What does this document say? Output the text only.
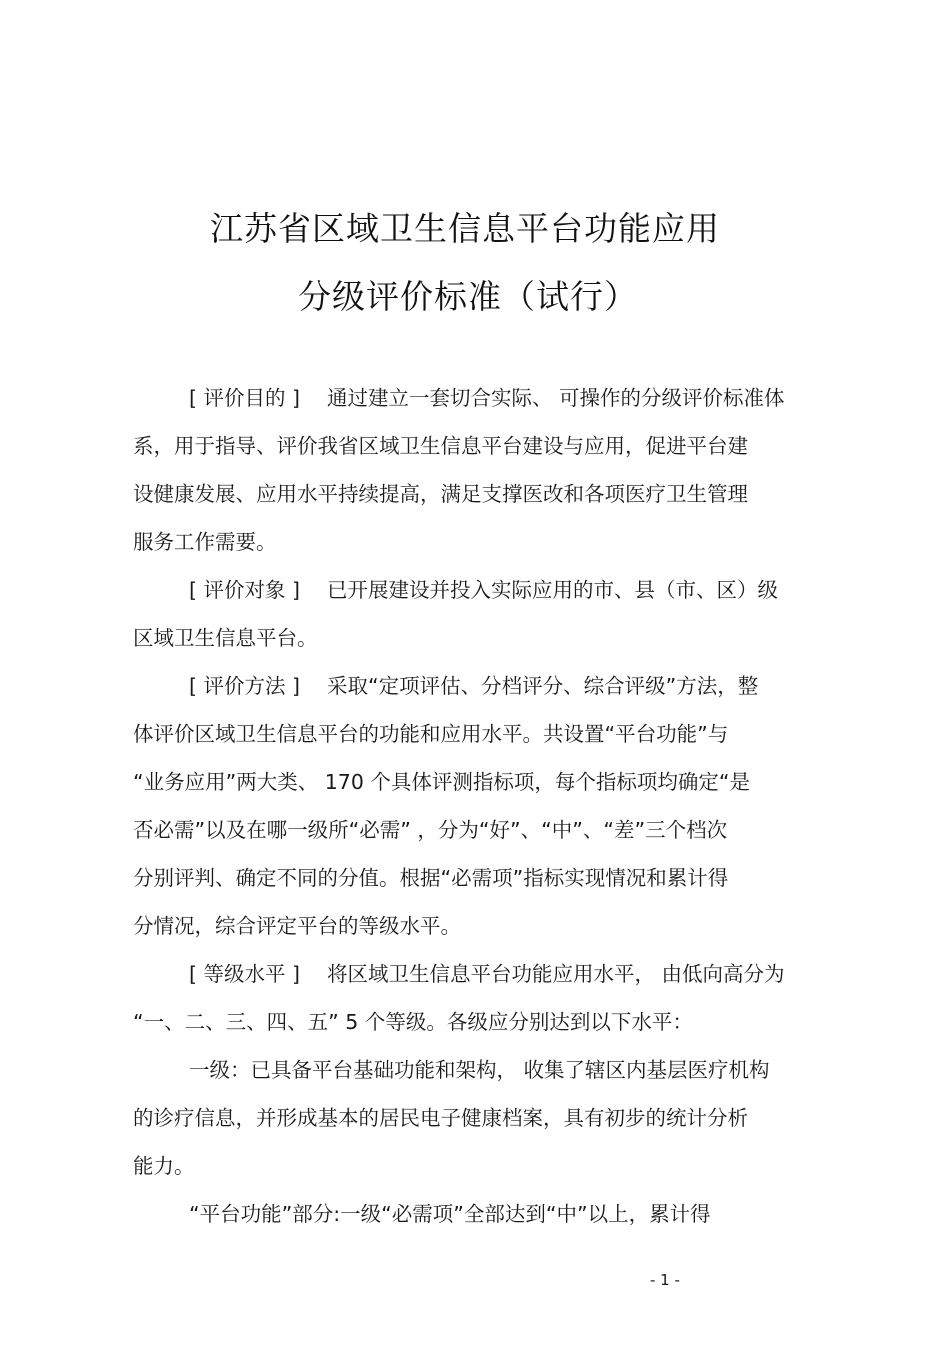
江苏省区域卫生信息平台功能应用
分级评价标准（试行）
[ 评价目的 ]　 通过建立一套切合实际、 可操作的分级评价标准体
系，用于指导、评价我省区域卫生信息平台建设与应用，促进平台建
设健康发展、应用水平持续提高，满足支撑医改和各项医疗卫生管理
服务工作需要。
[ 评价对象 ]　 已开展建设并投入实际应用的市、县（市、区）级
区域卫生信息平台。
[ 评价方法 ]　 采取“定项评估、分档评分、综合评级”方法，整
体评价区域卫生信息平台的功能和应用水平。共设置“平台功能”与
“业务应用”两大类、 170 个具体评测指标项，每个指标项均确定“是
否必需”以及在哪一级所“必需” ，分为“好”、“中”、“差”三个档次
分别评判、确定不同的分值。根据“必需项”指标实现情况和累计得
分情况，综合评定平台的等级水平。
[ 等级水平 ]　 将区域卫生信息平台功能应用水平， 由低向高分为
“一、二、三、四、五” 5 个等级。各级应分别达到以下水平：
一级：已具备平台基础功能和架构， 收集了辖区内基层医疗机构
的诊疗信息，并形成基本的居民电子健康档案，具有初步的统计分析
能力。
“平台功能”部分:一级“必需项”全部达到“中”以上，累计得
- 1 -
